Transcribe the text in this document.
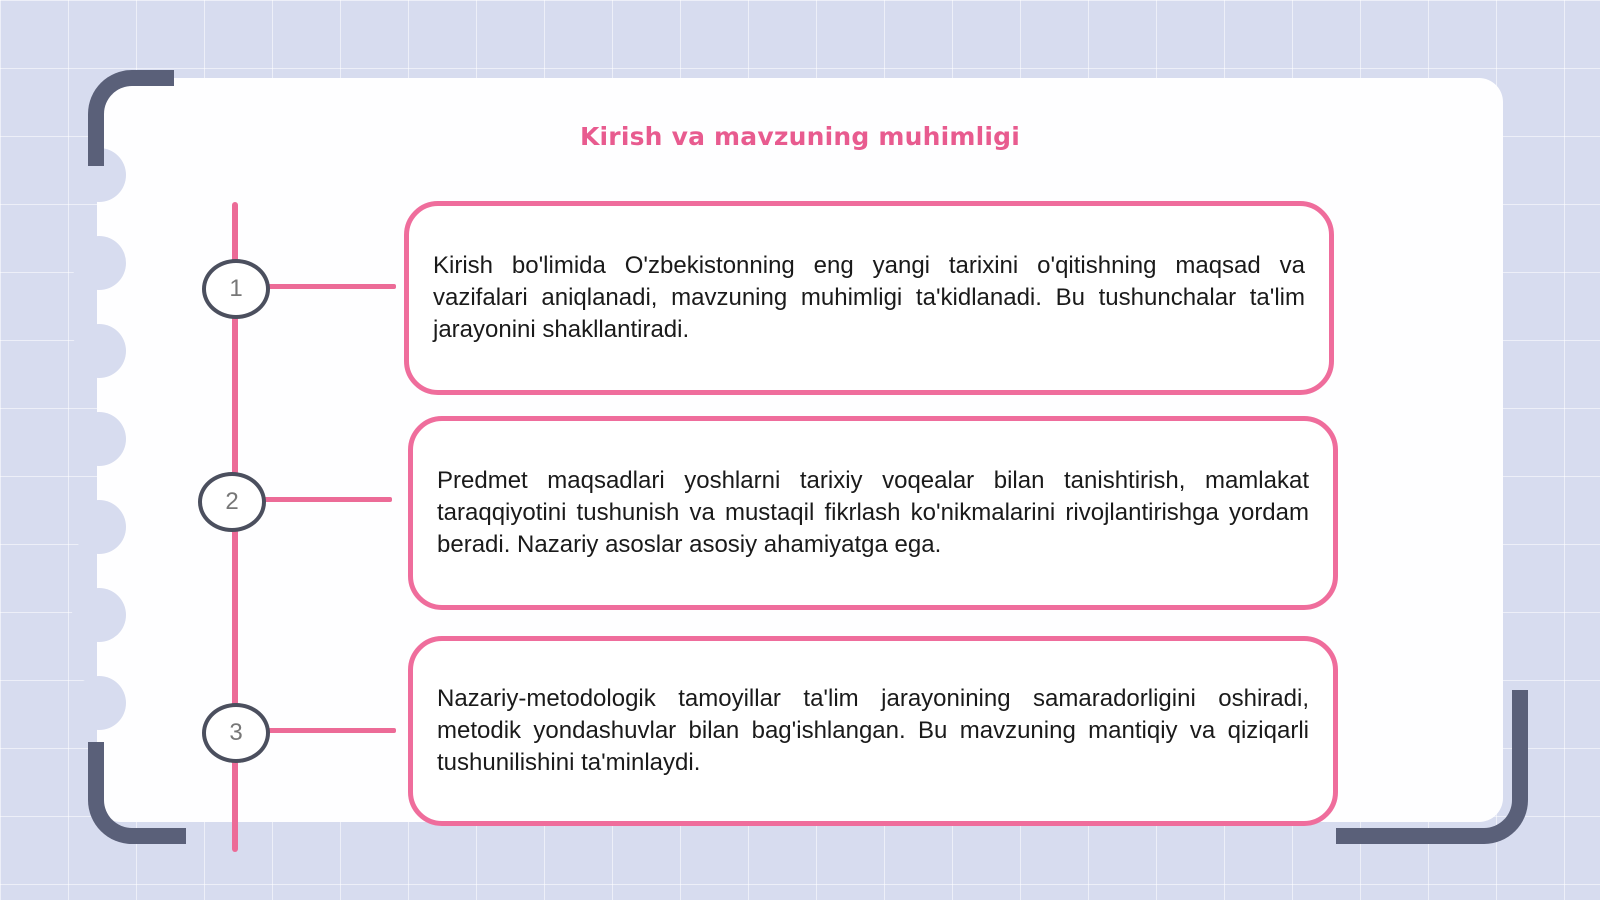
Kirish va mavzuning muhimligi
1
2
3
Kirish bo'limida O'zbekistonning eng yangi tarixini o'qitishning maqsad va vazifalari aniqlanadi, mavzuning muhimligi ta'kidlanadi. Bu tushunchalar ta'lim jarayonini shakllantiradi.
Predmet maqsadlari yoshlarni tarixiy voqealar bilan tanishtirish, mamlakat taraqqiyotini tushunish va mustaqil fikrlash ko'nikmalarini rivojlantirishga yordam beradi. Nazariy asoslar asosiy ahamiyatga ega.
Nazariy-metodologik tamoyillar ta'lim jarayonining samaradorligini oshiradi, metodik yondashuvlar bilan bag'ishlangan. Bu mavzuning mantiqiy va qiziqarli tushunilishini ta'minlaydi.
